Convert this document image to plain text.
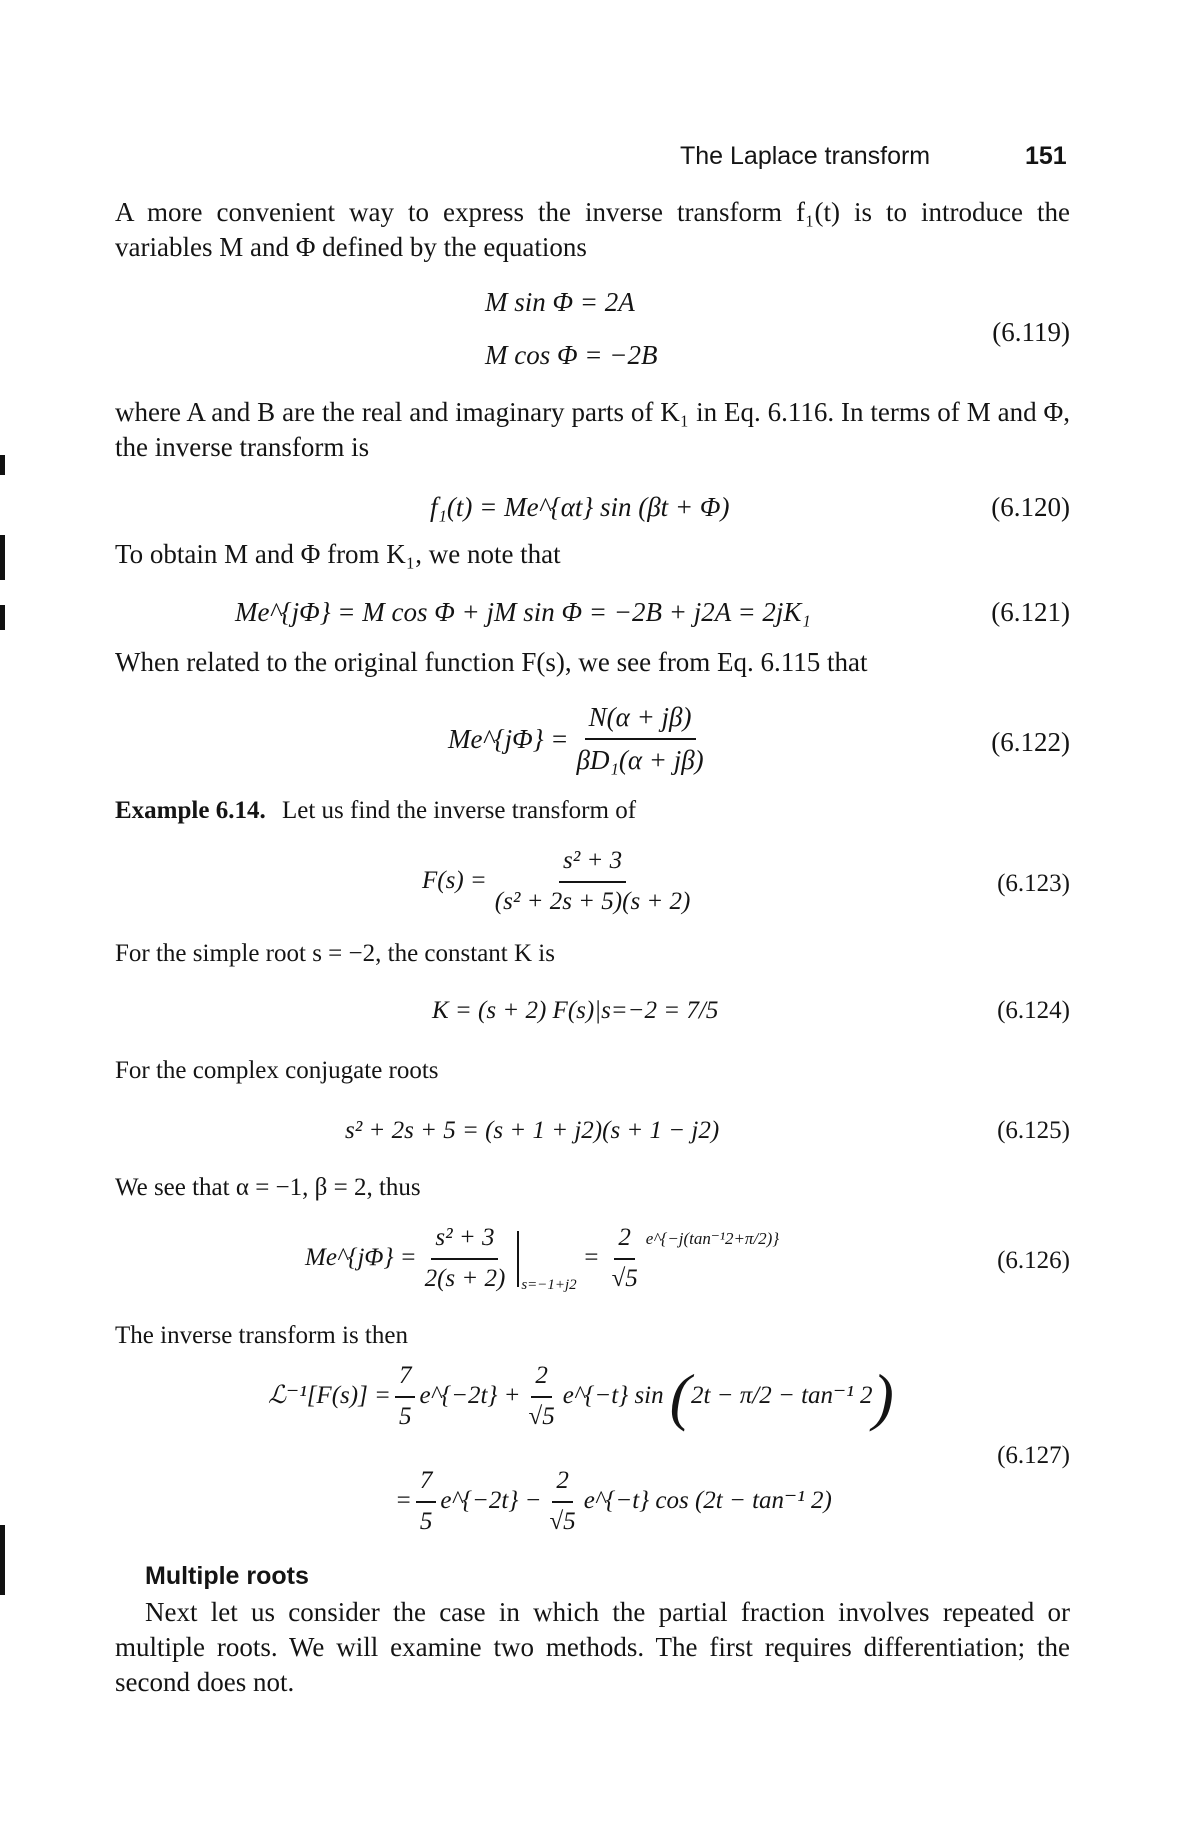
The Laplace transform	151
A more convenient way to express the inverse transform f₁(t) is to introduce the variables M and Φ defined by the equations
M sin Φ = 2A
M cos Φ = −2B
(6.119)
where A and B are the real and imaginary parts of K₁ in Eq. 6.116. In terms of M and Φ, the inverse transform is
f₁(t) = Me^{αt} sin (βt + Φ)	(6.120)
To obtain M and Φ from K₁, we note that
Me^{jΦ} = M cos Φ + jM sin Φ = −2B + j2A = 2jK₁	(6.121)
When related to the original function F(s), we see from Eq. 6.115 that
Me^{jΦ} = $\frac{N(\alpha + j\beta)}{\text{βD₁(α + jβ)}}$	(6.122)
Example 6.14. Let us find the inverse transform of
$F(s) = \frac{\text{s² + 3}}{\text{(s² + 2s + 5)(s + 2)}}$	(6.123)
For the simple root s = −2, the constant K is
K = (s + 2) F(s)|s=−2 = 7/5	(6.124)
For the complex conjugate roots
s² + 2s + 5 = (s + 1 + j2)(s + 1 − j2)	(6.125)
We see that α = −1, β = 2, thus
Me^{jΦ} = $\frac{\text{s² + 3}}{2(s + 2)} s=-1+j2$
= $\frac{2}{√5}$ e^{−j(tan⁻¹2+π/2)}
(6.126)
The inverse transform is then
ℒ⁻¹[F(s)] = $\frac{7}{5}$ e^{−2t} + $\frac{2}{√5}$ e^{−t} sin ( 2t − π/2 − tan⁻¹ 2 )
= $\frac{7}{5}$ e^{−2t} − $\frac{2}{√5}$ e^{−t} cos (2t − tan⁻¹ 2)
(6.127)
Multiple roots
Next let us consider the case in which the partial fraction involves repeated or multiple roots. We will examine two methods. The first requires differentiation; the second does not.
